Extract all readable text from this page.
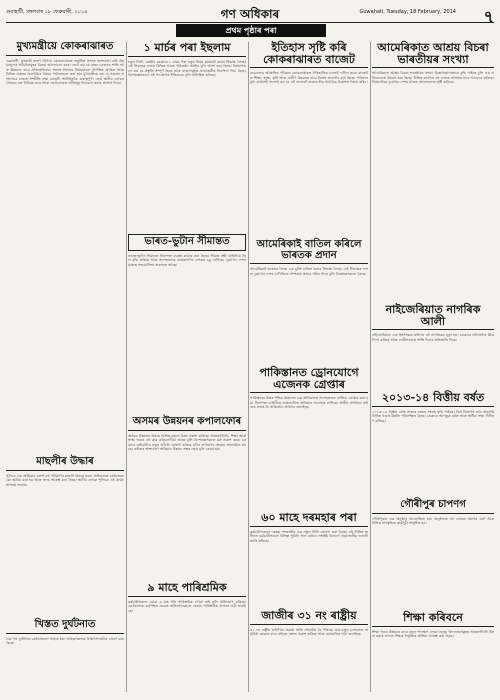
গুৱাহাটী, মঙ্গলবাৰ ১৮ ফেব্ৰুৱাৰী, ২০১৪	গণ অধিকাৰ	Guwahati, Tuesday, 18 February, 2014 ৭
প্ৰথম পৃষ্ঠাৰ পৰা
মুখ্যমন্ত্ৰীয়ে কোকৰাঝাৰত
গুৱাহাটী, মুখ্যমন্ত্ৰী তৰুণ গগৈয়ে কোকৰাঝাৰত অনুষ্ঠিত সভাত অংশগ্ৰহণ কৰি উন্নয়নমূলক আঁচনিসমূহৰ বিষয়ে আলোচনা কৰে। তেওঁ কয় যে ৰাজ্য চৰকাৰে শান্তি আৰু উন্নয়নৰ বাবে প্ৰতিশ্ৰুতিবদ্ধ। সভাত জিলাৰ বিষয়াসকল উপস্থিত আছিল আৰু বিভিন্ন প্ৰকল্পৰ অগ্ৰগতিৰ বিষয়ে পৰ্যালোচনা কৰা হয়। মুখ্যমন্ত্ৰীয়ে কয় যে সকলো সম্প্ৰদায়ৰ মাজত সম্প্ৰীতি ৰক্ষা কৰাটো আটাইতকৈ গুৰুত্বপূৰ্ণ। তেওঁ স্থানীয় লোকৰ সৈতেও মত বিনিময় কৰে আৰু তেওঁলোকৰ দাবীসমূহ বিবেচনা কৰাৰ আশ্বাস দিয়ে।
মাছলীৰ উদ্ধাৰ
পুলিচে এক অভিযান চলাই বহু পৰিমাণৰ মাছলী উদ্ধাৰ কৰে। অভিযানত কেইবাজনকো আটক কৰা হয় আৰু তদন্ত আৰম্ভ কৰা হৈছে। স্থানীয় লোকে পুলিচৰ এই কাৰ্যক স্বাগতম জনায়।
খিস্তত দুৰ্ঘটনাত
এক পথ দুৰ্ঘটনাত কেইবাজনো আহত হয়। আহতসকলক চিকিৎসালয়লৈ প্ৰেৰণ কৰা হৈছে।
১ মাৰ্চৰ পৰা ইছলাম
নতুন দিল্লী, কেন্দ্ৰীয় চৰকাৰে ১ মাৰ্চৰ পৰা নতুন নিয়ম কাৰ্যকৰী কৰাৰ সিদ্ধান্ত লৈছে। এই সিদ্ধান্তৰ ফলত বিভিন্ন খণ্ডত পৰিৱৰ্তন আহিব বুলি আশা কৰা হৈছে। বিষয়াসকলে কয় যে প্ৰস্তুতি সম্পূৰ্ণ হৈছে আৰু ৰাজ্যসমূহক প্ৰয়োজনীয় নিৰ্দেশনা দিয়া হৈছে। বিশেষজ্ঞসকলে এই পদক্ষেপক ইতিবাচক বুলি অভিহিত কৰিছে।
ভাৰত-ভুটান সীমান্তত
ভাৰত-ভুটান সীমান্তত নিৰাপত্তা ব্যৱস্থা কঠোৰ কৰা হৈছে। সীমান্ত ৰক্ষী বাহিনীয়ে টহল বৃদ্ধি কৰিছে আৰু সন্দেহজনক কাৰ্যকলাপৰ ওপৰত চকু ৰাখিছে। দুয়োখন দেশৰ মাজত সহযোগিতা অব্যাহত আছে।
অসমৰ উন্নয়নৰ কপালফোৰ
অসমৰ উন্নয়নৰ বিষয়ে বিভিন্ন মহলে চিন্তা প্ৰকাশ কৰিছে। আন্তঃগাঁথনি, শিক্ষা আৰু স্বাস্থ্য খণ্ডত বহু কাম কৰিবলগীয়া আছে বুলি বিশেষজ্ঞসকলে মত প্ৰকাশ কৰে। চৰকাৰে কেইবাটাও নতুন আঁচনি ঘোষণা কৰিছে যদিও ৰূপায়ণৰ ক্ষেত্ৰত প্ৰত্যাহ্বান আছে। ৰাইজৰ অংশগ্ৰহণ অবিহনে উন্নয়ন সম্ভৱ নহয় বুলি কোৱা হয়।
৯ মাহে পাৰিশ্ৰমিক
কৰ্মচাৰীসকলে যোৱা ৯ মাহ ধৰি পাৰিশ্ৰমিক পোৱা নাই বুলি অভিযোগ কৰিছে। তেওঁলোকে কৰ্তৃপক্ষৰ ওচৰত অতিসোনকালে বকেয়া পাৰিশ্ৰমিক প্ৰদানৰ দাবী জনাইছে।
ইতিহাস সৃষ্টি কৰি কোকৰাঝাৰত বাজেট
বড়োলেণ্ড আঞ্চলিক পৰিষদে কোকৰাঝাৰত ঐতিহাসিক বাজেট দাখিল কৰে। বাজেটত শিক্ষা, স্বাস্থ্য, কৃষি আৰু গ্ৰামীণ উন্নয়নৰ বাবে বিশেষ আবণ্টন ৰখা হৈছে। পৰিষদৰ মুখ্য কাৰ্যবাহী সদস্যই কয় যে এই বাজেটে অঞ্চলটোৰ সামগ্ৰিক বিকাশত সহায় কৰিব।
আমেৰিকাই বাতিল কৰিলে ভাৰতক প্ৰদান
আমেৰিকাই ভাৰতৰ সৈতে এক চুক্তি বাতিল কৰাৰ সিদ্ধান্ত লৈছে। এই সিদ্ধান্তৰ ফলত দুয়োখন দেশৰ বাণিজ্যিক সম্পৰ্কত প্ৰভাৱ পৰিব পাৰে বুলি বিশ্লেষকসকলে কৈছে।
পাকিস্তানত ড্ৰোনযোগে এজেনক গ্ৰেপ্তাৰ
পাকিস্তানৰ উত্তৰ-পশ্চিম অঞ্চলত এক অভিযানত সন্দেহজনক ব্যক্তিক গ্ৰেপ্তাৰ কৰা হয়। নিৰাপত্তা বাহিনীয়ে অঞ্চলটোত অভিযান অব্যাহত ৰাখিছে। স্থানীয় প্ৰশাসনে ৰাইজক সতৰ্ক হৈ থাকিবলৈ আহ্বান জনাইছে।
৬০ মাহে দৰমহাৰ পৰা
কৰ্মচাৰীসকলৰ দৰমহা সংক্ৰান্তীয় এক নতুন নীতি ঘোষণা কৰা হৈছে। এই নীতিৰ অধীনত কৰ্মচাৰীসকলে বিভিন্ন সুবিধা লাভ কৰিব। সংশ্লিষ্ট বিভাগে প্ৰয়োজনীয় জাননী জাৰি কৰিছে।
জাজীৰ ৩১ নং ৰাষ্ট্ৰীয়
৩১ নং ৰাষ্ট্ৰীয় ঘাইপথৰ অৱস্থা অতি শোচনীয় হৈ পৰিছে। যান-বাহন চলাচলত অসুবিধা হোৱাৰ বাবে ৰাইজে ক্ষোভ প্ৰকাশ কৰিছে আৰু মেৰামতিৰ দাবী জনাইছে।
আমেৰিকাত আশ্ৰয় বিচৰা ভাৰতীয়ৰ সংখ্যা
আমেৰিকাত আশ্ৰয় বিচৰা ভাৰতীয়ৰ সংখ্যা উল্লেখযোগ্যভাৱে বৃদ্ধি পাইছে বুলি এক প্ৰতিবেদনত উল্লেখ কৰা হৈছে। বিভিন্ন কাৰণত বহু লোকে আশ্ৰয়ৰ বাবে আবেদন কৰিছে। বিষয়টোৱে দুয়োখন দেশৰ মাজত আলোচনাৰ সৃষ্টি কৰিছে।
নাইজেৰিয়াত নাগৰিক আলী
নাইজেৰিয়াত এক হিংসাত্মক ঘটনাত বহু নাগৰিকৰ মৃত্যু হয়। চৰকাৰে ঘটনাটোৰ তীব্ৰ নিন্দা কৰিছে আৰু দোষীসকলক শাস্তি দিয়াৰ প্ৰতিশ্ৰুতি দিছে।
২০১৩-১৪ বিত্তীয় বৰ্ষত
২০১৩-১৪ বিত্তীয় বৰ্ষত ৰাজ্যৰ ৰাজহ সংগ্ৰহ বৃদ্ধি পাইছে। বিত্ত বিভাগৰ তথ্য অনুসৰি বিভিন্ন খণ্ডত উন্নতি পৰিলক্ষিত হৈছে। চৰকাৰে আগন্তুক বৰ্ষত আৰু অধিক লক্ষ্য নিৰ্ধাৰণ কৰিছে।
গৌৰীপুৰ চাপণগ
গৌৰীপুৰত এক অনুষ্ঠান আয়োজিত হয়। অনুষ্ঠানত বহু লোকৰ সমাগম ঘটে আৰু বিভিন্ন সাংস্কৃতিক কাৰ্যসূচী অনুষ্ঠিত হয়।
শিক্ষা কৰিবনে
শিক্ষা খণ্ডৰ উন্নয়নৰ বাবে নতুন পদক্ষেপ লোৱা হৈছে। বিদ্যালয়সমূহত আন্তঃগাঁথনি উন্নত কৰাৰ লগতে শিক্ষক নিযুক্তিৰ প্ৰক্ৰিয়া আৰম্ভ কৰা হৈছে।
